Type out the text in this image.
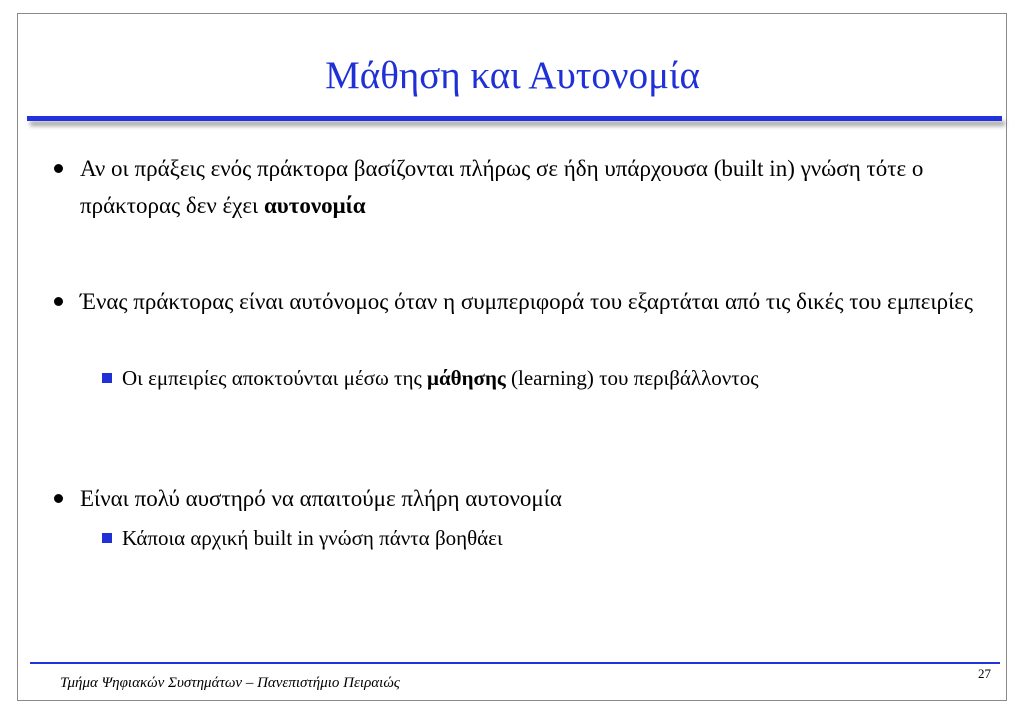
Μάθηση και Αυτονομία
Αν οι πράξεις ενός πράκτορα βασίζονται πλήρως σε ήδη υπάρχουσα (built in) γνώση τότε ο πράκτορας δεν έχει αυτονομία
Ένας πράκτορας είναι αυτόνομος όταν η συμπεριφορά του εξαρτάται από τις δικές του εμπειρίες
Οι εμπειρίες αποκτούνται μέσω της μάθησης (learning) του περιβάλλοντος
Είναι πολύ αυστηρό να απαιτούμε πλήρη αυτονομία
Κάποια αρχική built in γνώση πάντα βοηθάει
Τμήμα Ψηφιακών Συστημάτων – Πανεπιστήμιο Πειραιώς
27
